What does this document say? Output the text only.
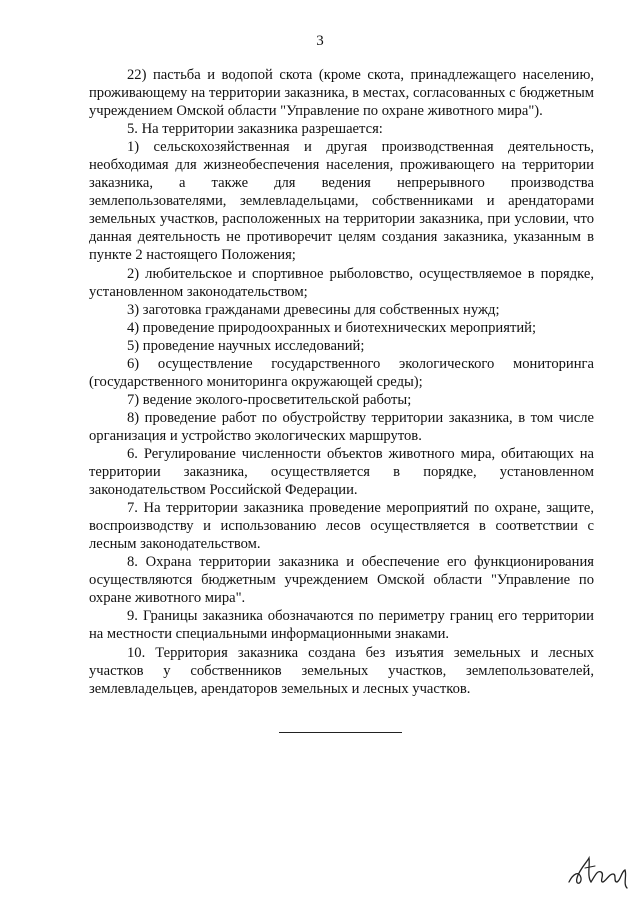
3

22) пастьба и водопой скота (кроме скота, принадлежащего населению, проживающему на территории заказника, в местах, согласованных с бюджетным учреждением Омской области "Управление по охране животного мира").

5. На территории заказника разрешается:

1) сельскохозяйственная и другая производственная деятельность, необходимая для жизнеобеспечения населения, проживающего на территории заказника, а также для ведения непрерывного производства землепользователями, землевладельцами, собственниками и арендаторами земельных участков, расположенных на территории заказника, при условии, что данная деятельность не противоречит целям создания заказника, указанным в пункте 2 настоящего Положения;

2) любительское и спортивное рыболовство, осуществляемое в порядке, установленном законодательством;

3) заготовка гражданами древесины для собственных нужд;

4) проведение природоохранных и биотехнических мероприятий;

5) проведение научных исследований;

6) осуществление государственного экологического мониторинга (государственного мониторинга окружающей среды);

7) ведение эколого-просветительской работы;

8) проведение работ по обустройству территории заказника, в том числе организация и устройство экологических маршрутов.

6. Регулирование численности объектов животного мира, обитающих на территории заказника, осуществляется в порядке, установленном законодательством Российской Федерации.

7. На территории заказника проведение мероприятий по охране, защите, воспроизводству и использованию лесов осуществляется в соответствии с лесным законодательством.

8. Охрана территории заказника и обеспечение его функционирования осуществляются бюджетным учреждением Омской области "Управление по охране животного мира".

9. Границы заказника обозначаются по периметру границ его территории на местности специальными информационными знаками.

10. Территория заказника создана без изъятия земельных и лесных участков у собственников земельных участков, землепользователей, землевладельцев, арендаторов земельных и лесных участков.
